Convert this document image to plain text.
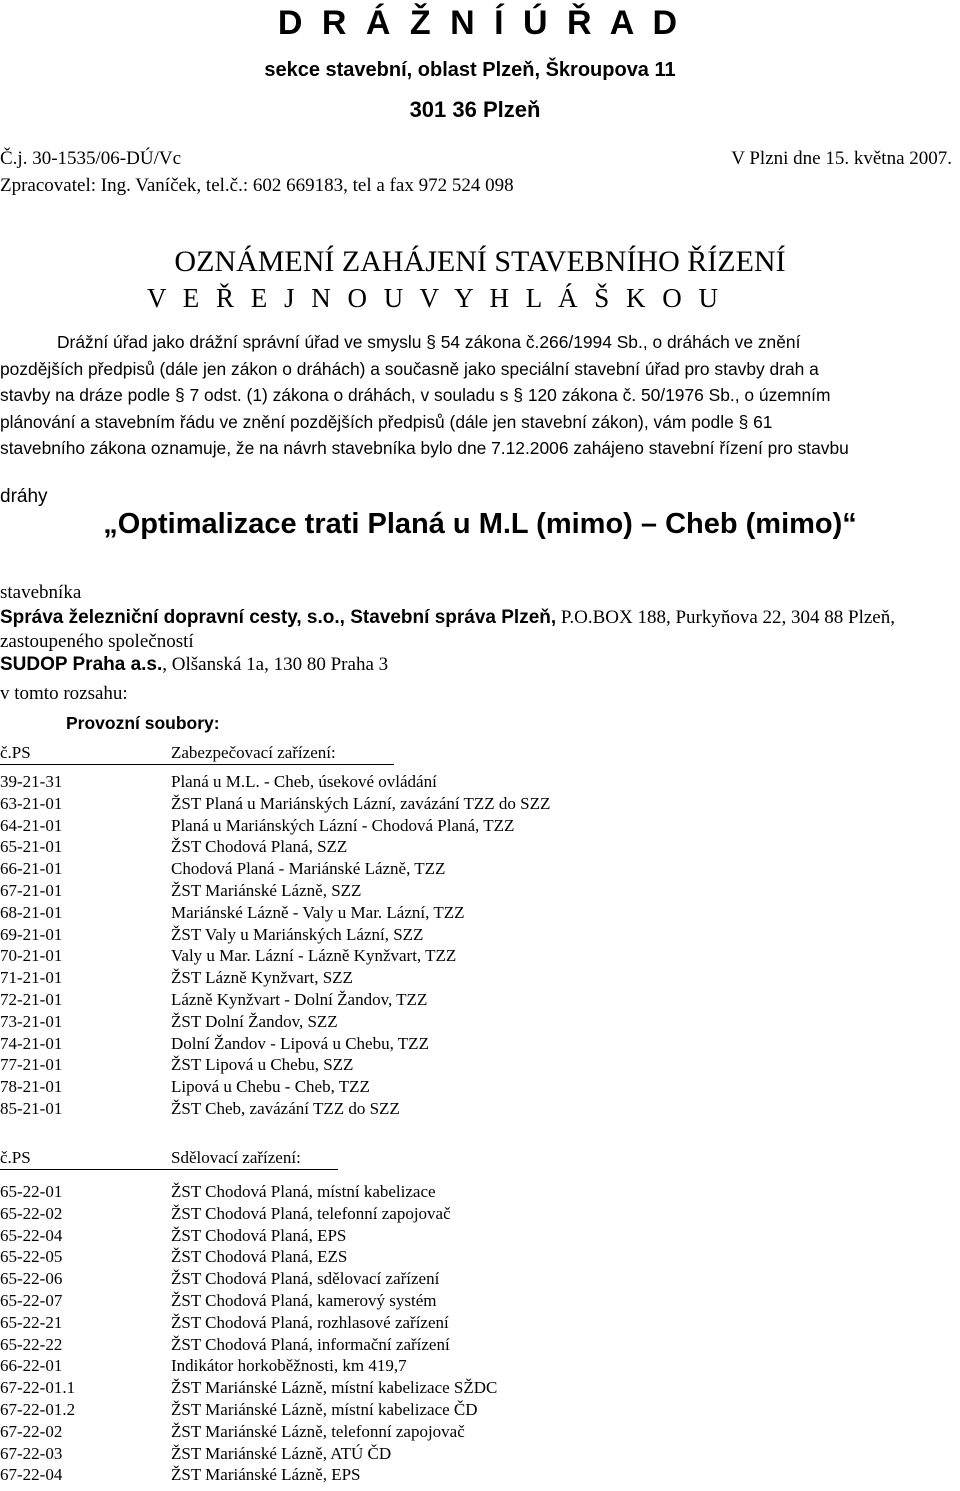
D R Á Ž N Í Ú Ř A D
sekce stavební, oblast Plzeň, Škroupova 11
301 36 Plzeň
Č.j. 30-1535/06-DÚ/Vc	V Plzni dne 15. května 2007.
Zpracovatel: Ing. Vaníček, tel.č.: 602 669183, tel a fax 972 524 098
OZNÁMENÍ ZAHÁJENÍ STAVEBNÍHO ŘÍZENÍ
V E Ř E J N O U V Y H L Á Š K O U
Drážní úřad jako drážní správní úřad ve smyslu § 54 zákona č.266/1994 Sb., o dráhách ve znění
pozdějších předpisů (dále jen zákon o dráhách) a současně jako speciální stavební úřad pro stavby drah a
stavby na dráze podle § 7 odst. (1) zákona o dráhách, v souladu s § 120 zákona č. 50/1976 Sb., o územním
plánování a stavebním řádu ve znění pozdějších předpisů (dále jen stavební zákon), vám podle § 61
stavebního zákona oznamuje, že na návrh stavebníka bylo dne 7.12.2006 zahájeno stavební řízení pro stavbu
dráhy
„Optimalizace trati Planá u M.L (mimo) – Cheb (mimo)“
stavebníka
Správa železniční dopravní cesty, s.o., Stavební správa Plzeň, P.O.BOX 188, Purkyňova 22, 304 88 Plzeň,
zastoupeného společností
SUDOP Praha a.s., Olšanská 1a, 130 80 Praha 3
v tomto rozsahu:
Provozní soubory:
č.PS	Zabezpečovací zařízení:
39-21-31	Planá u M.L. - Cheb, úsekové ovládání
63-21-01	ŽST Planá u Mariánských Lázní, zavázání TZZ do SZZ
64-21-01	Planá u Mariánských Lázní - Chodová Planá, TZZ
65-21-01	ŽST Chodová Planá, SZZ
66-21-01	Chodová Planá - Mariánské Lázně, TZZ
67-21-01	ŽST Mariánské Lázně, SZZ
68-21-01	Mariánské Lázně - Valy u Mar. Lázní, TZZ
69-21-01	ŽST Valy u Mariánských Lázní, SZZ
70-21-01	Valy u Mar. Lázní - Lázně Kynžvart, TZZ
71-21-01	ŽST Lázně Kynžvart, SZZ
72-21-01	Lázně Kynžvart - Dolní Žandov, TZZ
73-21-01	ŽST Dolní Žandov, SZZ
74-21-01	Dolní Žandov - Lipová u Chebu, TZZ
77-21-01	ŽST Lipová u Chebu, SZZ
78-21-01	Lipová u Chebu - Cheb, TZZ
85-21-01	ŽST Cheb, zavázání TZZ do SZZ
č.PS	Sdělovací zařízení:
65-22-01	ŽST Chodová Planá, místní kabelizace
65-22-02	ŽST Chodová Planá, telefonní zapojovač
65-22-04	ŽST Chodová Planá, EPS
65-22-05	ŽST Chodová Planá, EZS
65-22-06	ŽST Chodová Planá, sdělovací zařízení
65-22-07	ŽST Chodová Planá, kamerový systém
65-22-21	ŽST Chodová Planá, rozhlasové zařízení
65-22-22	ŽST Chodová Planá, informační zařízení
66-22-01	Indikátor horkoběžnosti, km 419,7
67-22-01.1	ŽST Mariánské Lázně, místní kabelizace SŽDC
67-22-01.2	ŽST Mariánské Lázně, místní kabelizace ČD
67-22-02	ŽST Mariánské Lázně, telefonní zapojovač
67-22-03	ŽST Mariánské Lázně, ATÚ ČD
67-22-04	ŽST Mariánské Lázně, EPS
